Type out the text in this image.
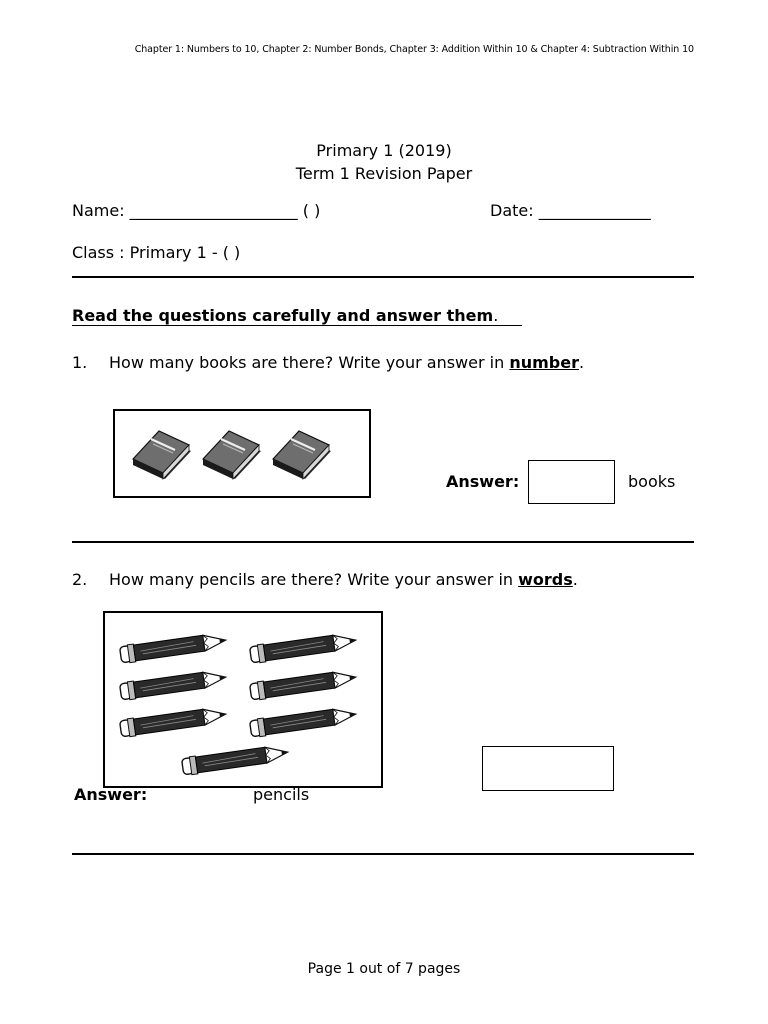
Chapter 1: Numbers to 10, Chapter 2: Number Bonds, Chapter 3: Addition Within 10 & Chapter 4: Subtraction Within 10
Primary 1 (2019)
Term 1 Revision Paper
Name: _____________________ ( )	Date: ______________
Class : Primary 1 - ( )
Read the questions carefully and answer them.
1. How many books are there? Write your answer in number.
Answer:	books
2. How many pencils are there? Write your answer in words.
Answer:	pencils
Page 1 out of 7 pages
